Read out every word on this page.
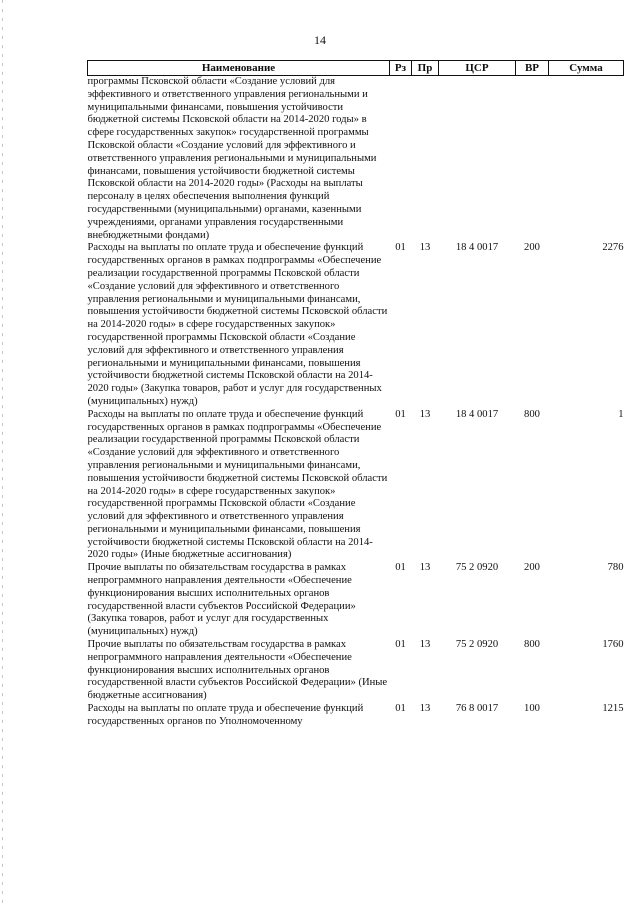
14
Наименование	Рз	Пр	ЦСР	ВР	Сумма
программы Псковской области «Создание условий для эффективного и ответственного управления региональными и муниципальными финансами, повышения устойчивости бюджетной системы Псковской области на 2014-2020 годы» в сфере государственных закупок» государственной программы Псковской области «Создание условий для эффективного и ответственного управления региональными и муниципальными финансами, повышения устойчивости бюджетной системы Псковской области на 2014-2020 годы» (Расходы на выплаты персоналу в целях обеспечения выполнения функций государственными (муниципальными) органами, казенными учреждениями, органами управления государственными внебюджетными фондами)					
Расходы на выплаты по оплате труда и обеспечение функций государственных органов в рамках подпрограммы «Обеспечение реализации государственной программы Псковской области «Создание условий для эффективного и ответственного управления региональными и муниципальными финансами, повышения устойчивости бюджетной системы Псковской области на 2014-2020 годы» в сфере государственных закупок» государственной программы Псковской области «Создание условий для эффективного и ответственного управления региональными и муниципальными финансами, повышения устойчивости бюджетной системы Псковской области на 2014-2020 годы» (Закупка товаров, работ и услуг для государственных (муниципальных) нужд)	01	13	18 4 0017	200	2276
Расходы на выплаты по оплате труда и обеспечение функций государственных органов в рамках подпрограммы «Обеспечение реализации государственной программы Псковской области «Создание условий для эффективного и ответственного управления региональными и муниципальными финансами, повышения устойчивости бюджетной системы Псковской области на 2014-2020 годы» в сфере государственных закупок» государственной программы Псковской области «Создание условий для эффективного и ответственного управления региональными и муниципальными финансами, повышения устойчивости бюджетной системы Псковской области на 2014-2020 годы» (Иные бюджетные ассигнования)	01	13	18 4 0017	800	1
Прочие выплаты по обязательствам государства в рамках непрограммного направления деятельности «Обеспечение функционирования высших исполнительных органов государственной власти субъектов Российской Федерации» (Закупка товаров, работ и услуг для государственных (муниципальных) нужд)	01	13	75 2 0920	200	780
Прочие выплаты по обязательствам государства в рамках непрограммного направления деятельности «Обеспечение функционирования высших исполнительных органов государственной власти субъектов Российской Федерации» (Иные бюджетные ассигнования)	01	13	75 2 0920	800	1760
Расходы на выплаты по оплате труда и обеспечение функций государственных органов по Уполномоченному	01	13	76 8 0017	100	1215
